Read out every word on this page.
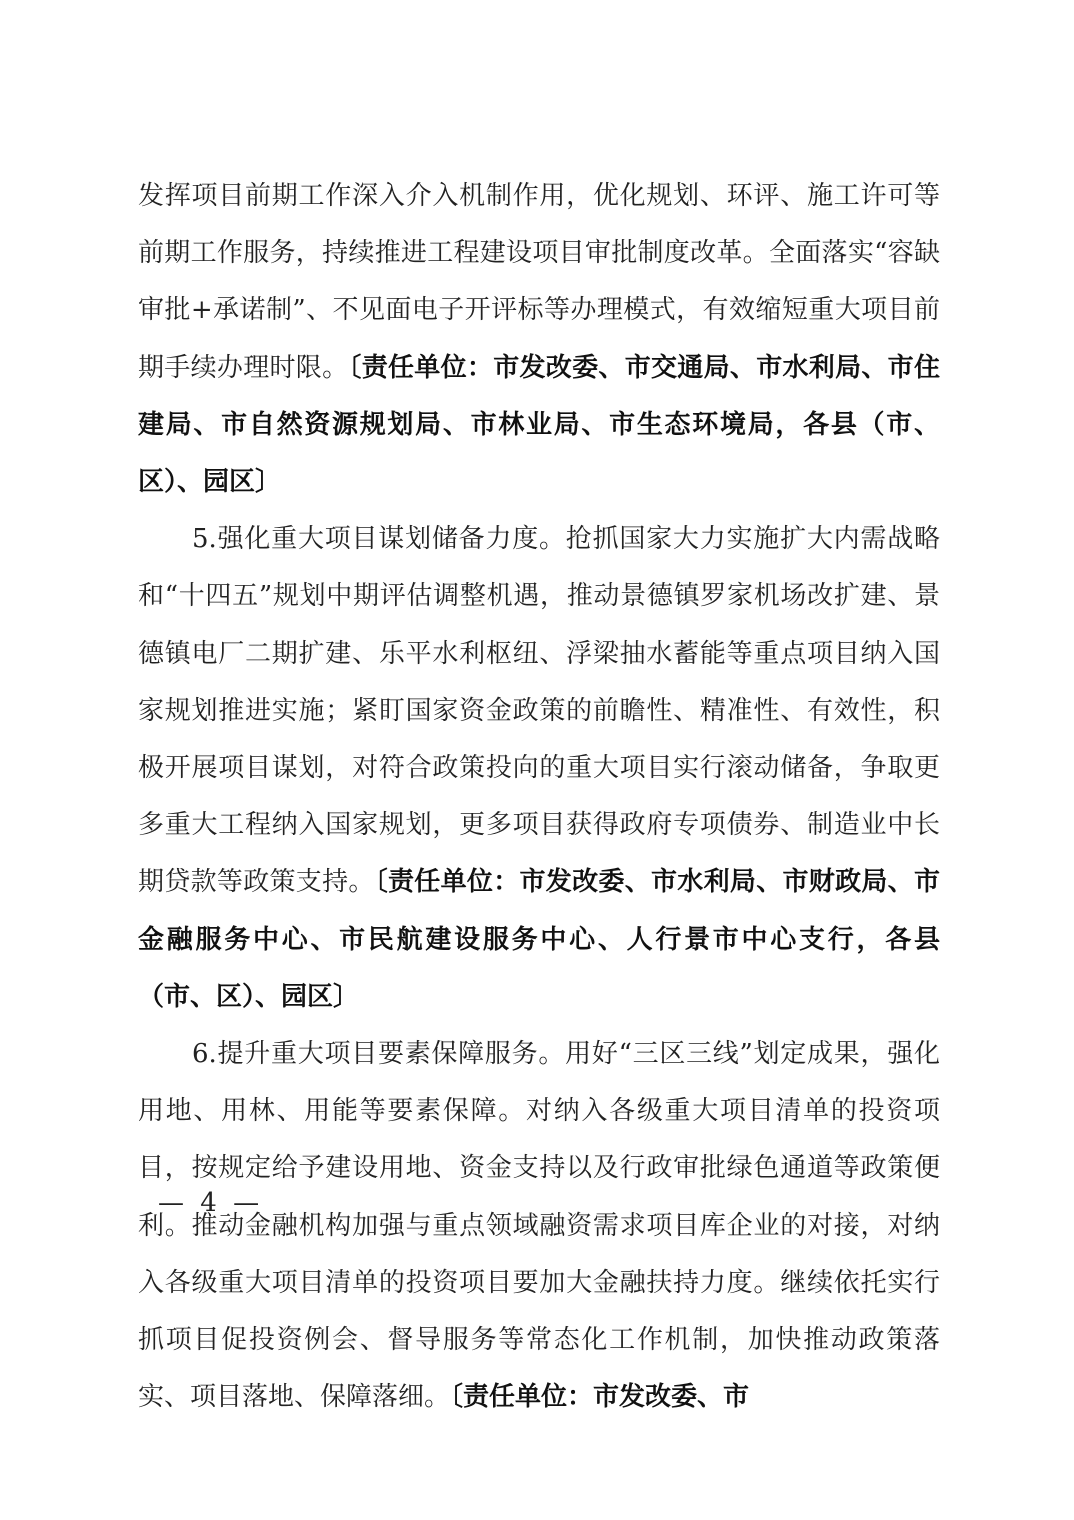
发挥项目前期工作深入介入机制作用，优化规划、环评、施工许可等前期工作服务，持续推进工程建设项目审批制度改革。全面落实“容缺审批+承诺制”、不见面电子开评标等办理模式，有效缩短重大项目前期手续办理时限。〔责任单位：市发改委、市交通局、市水利局、市住建局、市自然资源规划局、市林业局、市生态环境局，各县（市、区）、园区〕

5.强化重大项目谋划储备力度。抢抓国家大力实施扩大内需战略和“十四五”规划中期评估调整机遇，推动景德镇罗家机场改扩建、景德镇电厂二期扩建、乐平水利枢纽、浮梁抽水蓄能等重点项目纳入国家规划推进实施；紧盯国家资金政策的前瞻性、精准性、有效性，积极开展项目谋划，对符合政策投向的重大项目实行滚动储备，争取更多重大工程纳入国家规划，更多项目获得政府专项债券、制造业中长期贷款等政策支持。〔责任单位：市发改委、市水利局、市财政局、市金融服务中心、市民航建设服务中心、人行景市中心支行，各县（市、区）、园区〕

6.提升重大项目要素保障服务。用好“三区三线”划定成果，强化用地、用林、用能等要素保障。对纳入各级重大项目清单的投资项目，按规定给予建设用地、资金支持以及行政审批绿色通道等政策便利。推动金融机构加强与重点领域融资需求项目库企业的对接，对纳入各级重大项目清单的投资项目要加大金融扶持力度。继续依托实行抓项目促投资例会、督导服务等常态化工作机制，加快推动政策落实、项目落地、保障落细。〔责任单位：市发改委、市

— 4 —
